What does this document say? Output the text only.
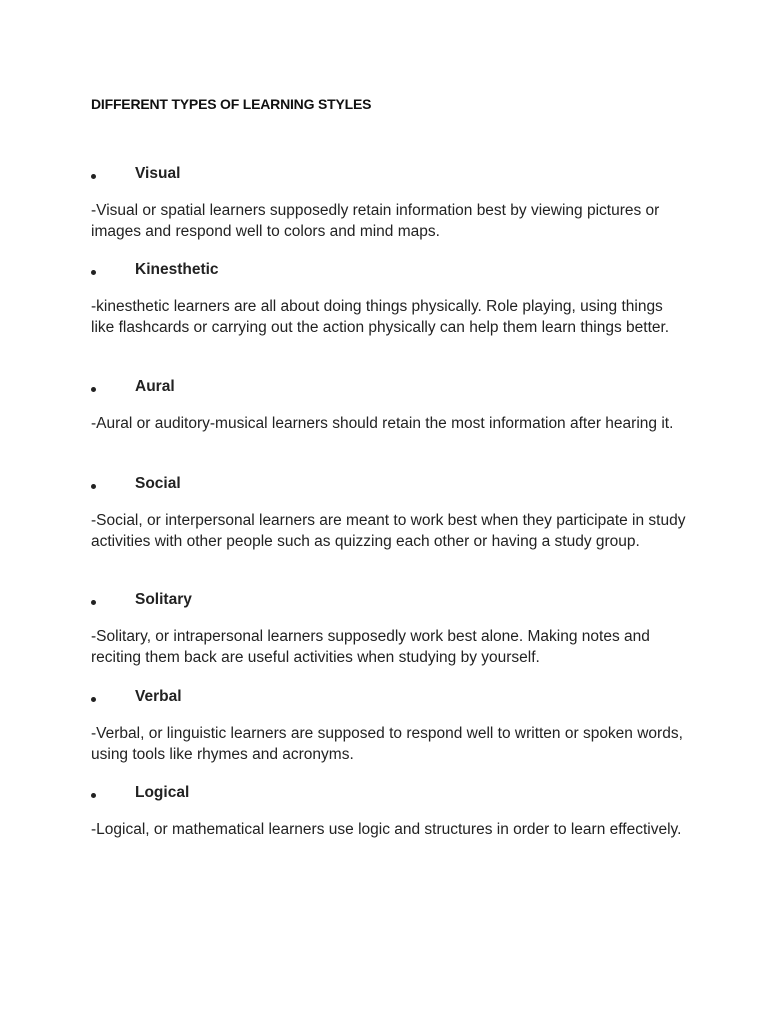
DIFFERENT TYPES OF LEARNING STYLES
Visual

-Visual or spatial learners supposedly retain information best by viewing pictures or images and respond well to colors and mind maps.

Kinesthetic

-kinesthetic learners are all about doing things physically. Role playing, using things like flashcards or carrying out the action physically can help them learn things better.

Aural

-Aural or auditory-musical learners should retain the most information after hearing it.

Social

-Social, or interpersonal learners are meant to work best when they participate in study activities with other people such as quizzing each other or having a study group.

Solitary

-Solitary, or intrapersonal learners supposedly work best alone. Making notes and reciting them back are useful activities when studying by yourself.

Verbal

-Verbal, or linguistic learners are supposed to respond well to written or spoken words, using tools like rhymes and acronyms.

Logical

-Logical, or mathematical learners use logic and structures in order to learn effectively.
